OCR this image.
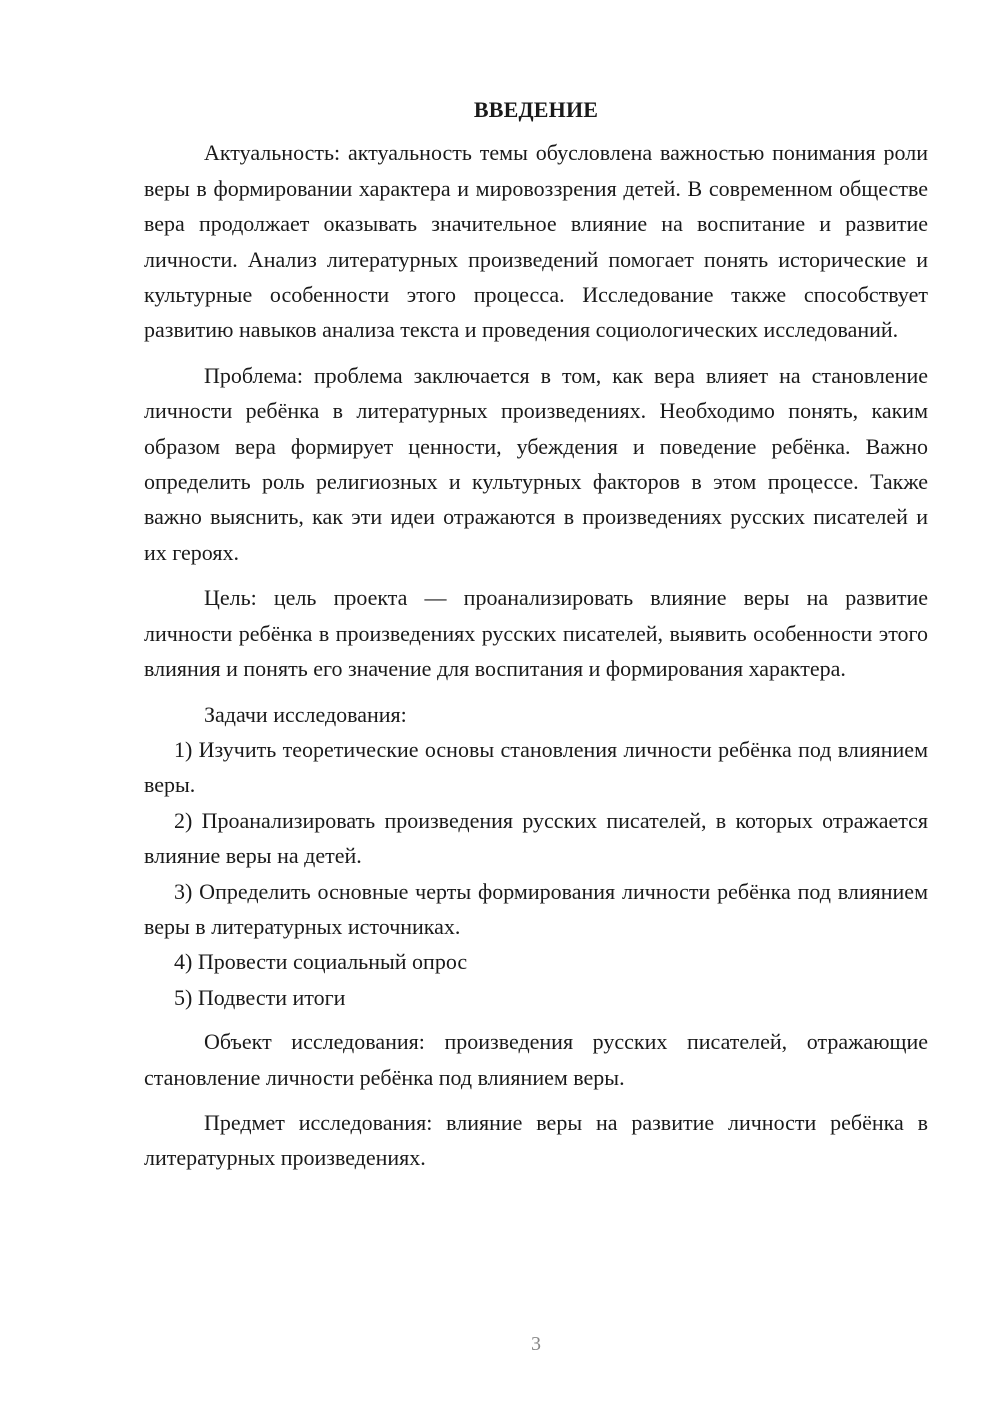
ВВЕДЕНИЕ

Актуальность: актуальность темы обусловлена важностью понимания роли веры в формировании характера и мировоззрения детей. В современном обществе вера продолжает оказывать значительное влияние на воспитание и развитие личности. Анализ литературных произведений помогает понять исторические и культурные особенности этого процесса. Исследование также способствует развитию навыков анализа текста и проведения социологических исследований.

Проблема: проблема заключается в том, как вера влияет на становление личности ребёнка в литературных произведениях. Необходимо понять, каким образом вера формирует ценности, убеждения и поведение ребёнка. Важно определить роль религиозных и культурных факторов в этом процессе. Также важно выяснить, как эти идеи отражаются в произведениях русских писателей и их героях.

Цель: цель проекта — проанализировать влияние веры на развитие личности ребёнка в произведениях русских писателей, выявить особенности этого влияния и понять его значение для воспитания и формирования характера.

Задачи исследования:

1) Изучить теоретические основы становления личности ребёнка под влиянием веры.

2) Проанализировать произведения русских писателей, в которых отражается влияние веры на детей.

3) Определить основные черты формирования личности ребёнка под влиянием веры в литературных источниках.

4) Провести социальный опрос

5) Подвести итоги

Объект исследования: произведения русских писателей, отражающие становление личности ребёнка под влиянием веры.

Предмет исследования: влияние веры на развитие личности ребёнка в литературных произведениях.

3
